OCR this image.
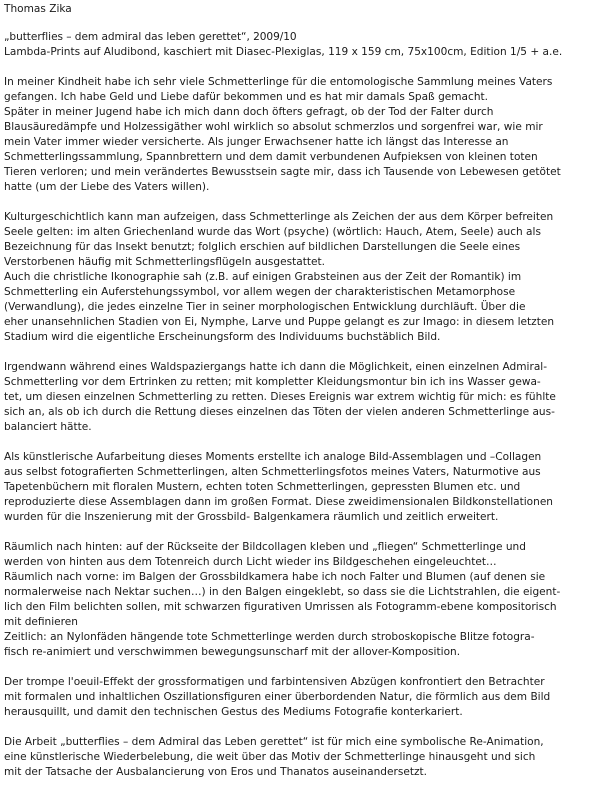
Thomas Zika
„butterflies – dem admiral das leben gerettet“, 2009/10
Lambda-Prints auf Aludibond, kaschiert mit Diasec-Plexiglas, 119 x 159 cm, 75x100cm, Edition 1/5 + a.e.
In meiner Kindheit habe ich sehr viele Schmetterlinge für die entomologische Sammlung meines Vaters
gefangen. Ich habe Geld und Liebe dafür bekommen und es hat mir damals Spaß gemacht.
Später in meiner Jugend habe ich mich dann doch öfters gefragt, ob der Tod der Falter durch
Blausäuredämpfe und Holzessigäther wohl wirklich so absolut schmerzlos und sorgenfrei war, wie mir
mein Vater immer wieder versicherte. Als junger Erwachsener hatte ich längst das Interesse an
Schmetterlingssammlung, Spannbrettern und dem damit verbundenen Aufpieksen von kleinen toten
Tieren verloren; und mein verändertes Bewusstsein sagte mir, dass ich Tausende von Lebewesen getötet
hatte (um der Liebe des Vaters willen).
Kulturgeschichtlich kann man aufzeigen, dass Schmetterlinge als Zeichen der aus dem Körper befreiten
Seele gelten: im alten Griechenland wurde das Wort (psyche) (wörtlich: Hauch, Atem, Seele) auch als
Bezeichnung für das Insekt benutzt; folglich erschien auf bildlichen Darstellungen die Seele eines
Verstorbenen häufig mit Schmetterlingsflügeln ausgestattet.
Auch die christliche Ikonographie sah (z.B. auf einigen Grabsteinen aus der Zeit der Romantik) im
Schmetterling ein Auferstehungssymbol, vor allem wegen der charakteristischen Metamorphose
(Verwandlung), die jedes einzelne Tier in seiner morphologischen Entwicklung durchläuft. Über die
eher unansehnlichen Stadien von Ei, Nymphe, Larve und Puppe gelangt es zur Imago: in diesem letzten
Stadium wird die eigentliche Erscheinungsform des Individuums buchstäblich Bild.
Irgendwann während eines Waldspaziergangs hatte ich dann die Möglichkeit, einen einzelnen Admiral-
Schmetterling vor dem Ertrinken zu retten; mit kompletter Kleidungsmontur bin ich ins Wasser gewa-
tet, um diesen einzelnen Schmetterling zu retten. Dieses Ereignis war extrem wichtig für mich: es fühlte
sich an, als ob ich durch die Rettung dieses einzelnen das Töten der vielen anderen Schmetterlinge aus-
balanciert hätte.
Als künstlerische Aufarbeitung dieses Moments erstellte ich analoge Bild-Assemblagen und –Collagen
aus selbst fotografierten Schmetterlingen, alten Schmetterlingsfotos meines Vaters, Naturmotive aus
Tapetenbüchern mit floralen Mustern, echten toten Schmetterlingen, gepressten Blumen etc. und
reproduzierte diese Assemblagen dann im großen Format. Diese zweidimensionalen Bildkonstellationen
wurden für die Inszenierung mit der Grossbild- Balgenkamera räumlich und zeitlich erweitert.
Räumlich nach hinten: auf der Rückseite der Bildcollagen kleben und „fliegen“ Schmetterlinge und
werden von hinten aus dem Totenreich durch Licht wieder ins Bildgeschehen eingeleuchtet…
Räumlich nach vorne: im Balgen der Grossbildkamera habe ich noch Falter und Blumen (auf denen sie
normalerweise nach Nektar suchen…) in den Balgen eingeklebt, so dass sie die Lichtstrahlen, die eigent-
lich den Film belichten sollen, mit schwarzen figurativen Umrissen als Fotogramm-ebene kompositorisch
mit definieren
Zeitlich: an Nylonfäden hängende tote Schmetterlinge werden durch stroboskopische Blitze fotogra-
fisch re-animiert und verschwimmen bewegungsunscharf mit der allover-Komposition.
Der trompe l'oeuil-Effekt der grossformatigen und farbintensiven Abzügen konfrontiert den Betrachter
mit formalen und inhaltlichen Oszillationsfiguren einer überbordenden Natur, die förmlich aus dem Bild
herausquillt, und damit den technischen Gestus des Mediums Fotografie konterkariert.
Die Arbeit „butterflies – dem Admiral das Leben gerettet“ ist für mich eine symbolische Re-Animation,
eine künstlerische Wiederbelebung, die weit über das Motiv der Schmetterlinge hinausgeht und sich
mit der Tatsache der Ausbalancierung von Eros und Thanatos auseinandersetzt.
